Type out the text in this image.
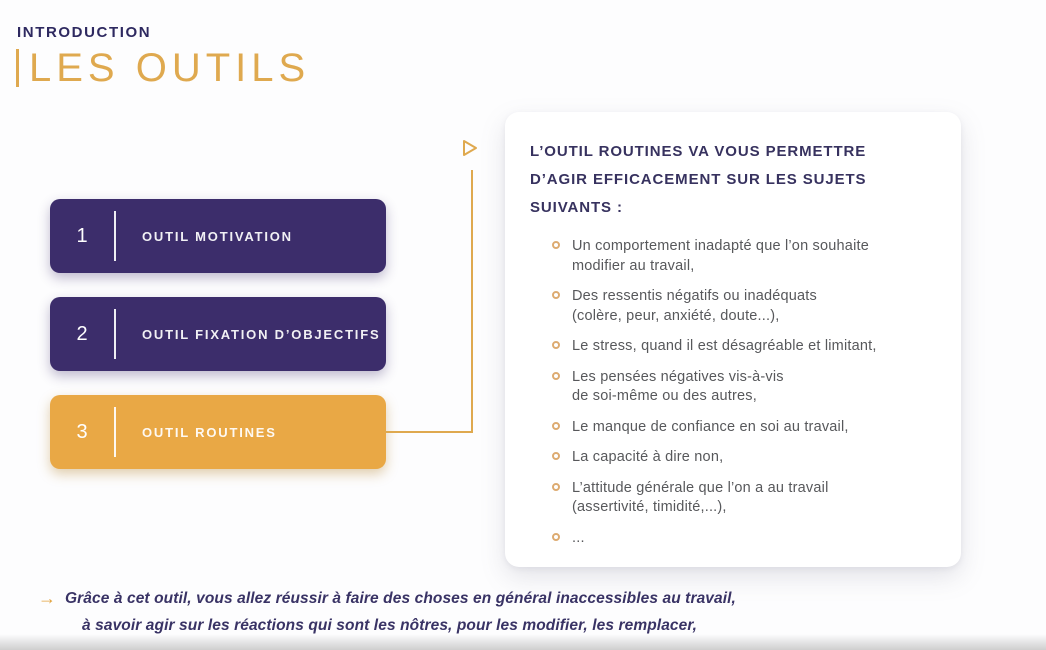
INTRODUCTION
LES OUTILS
1	OUTIL MOTIVATION
2	OUTIL FIXATION D’OBJECTIFS
3	OUTIL ROUTINES
L’OUTIL ROUTINES VA VOUS PERMETTRE
D’AGIR EFFICACEMENT SUR LES SUJETS
SUIVANTS :
Un comportement inadapté que l’on souhaite
modifier au travail,
Des ressentis négatifs ou inadéquats
(colère, peur, anxiété, doute...),
Le stress, quand il est désagréable et limitant,
Les pensées négatives vis-à-vis
de soi-même ou des autres,
Le manque de confiance en soi au travail,
La capacité à dire non,
L’attitude générale que l’on a au travail
(assertivité, timidité,...),
...
→ Grâce à cet outil, vous allez réussir à faire des choses en général inaccessibles au travail,
à savoir agir sur les réactions qui sont les nôtres, pour les modifier, les remplacer,
